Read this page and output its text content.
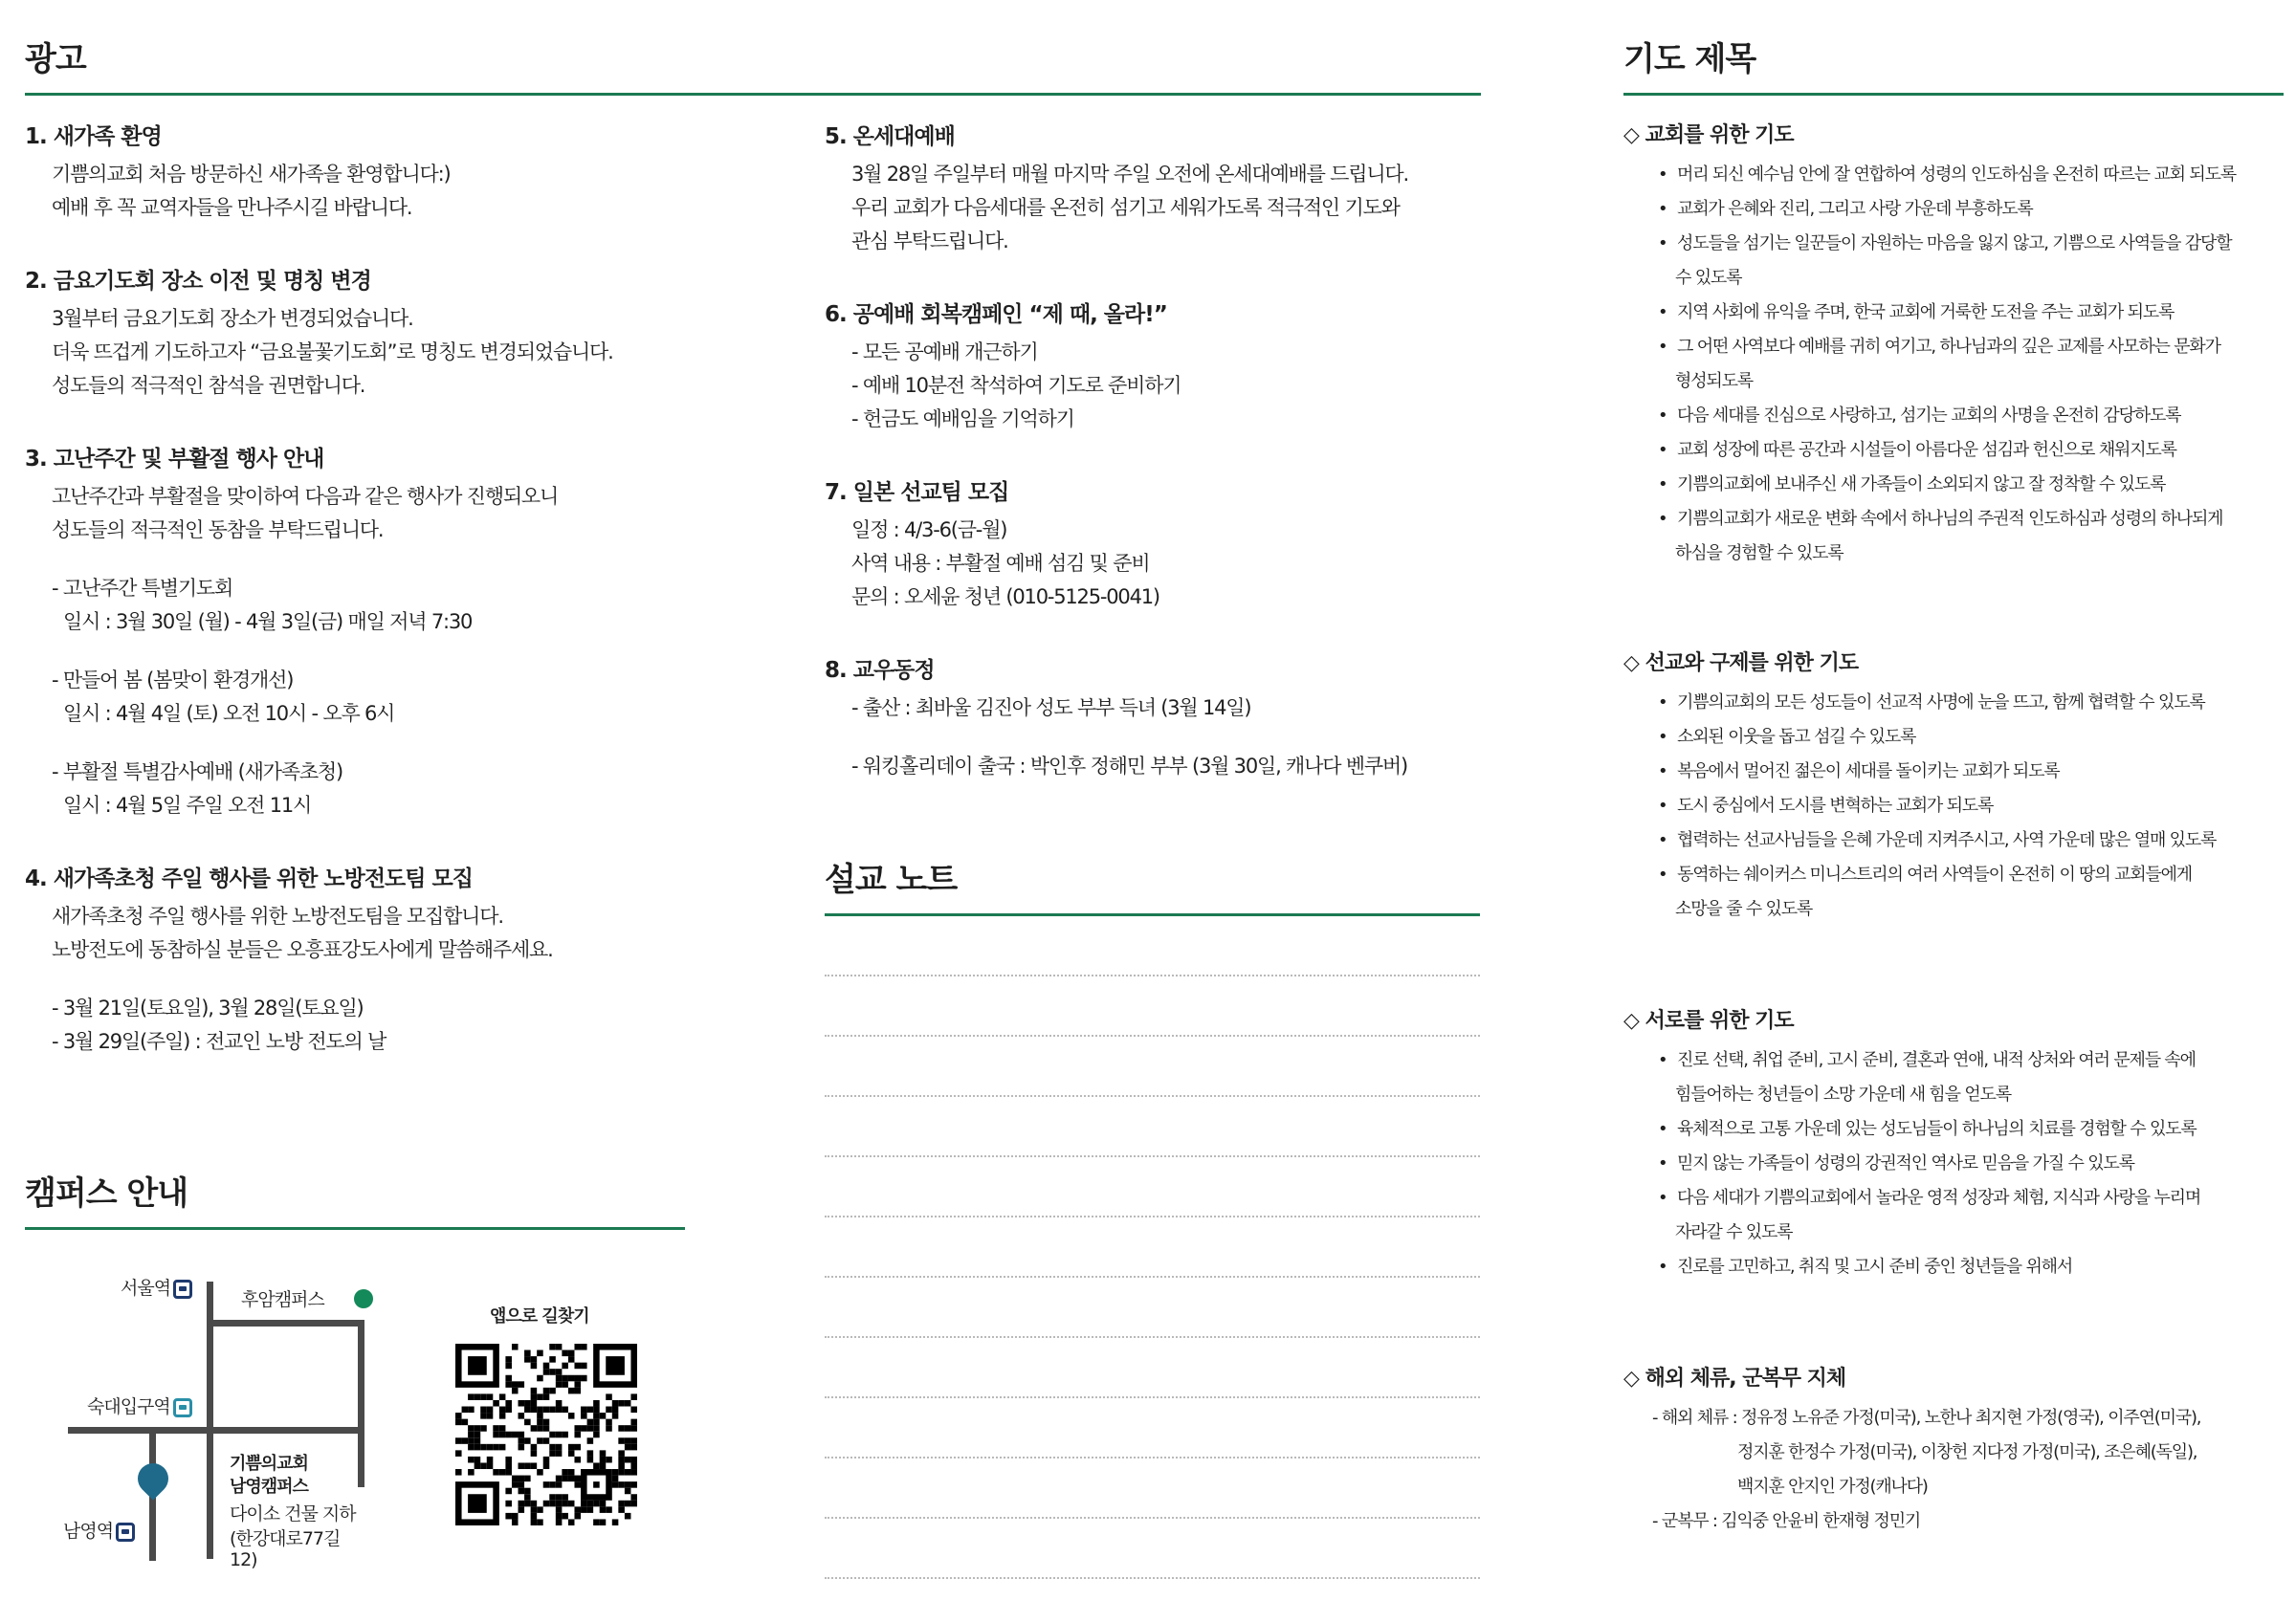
광고
1. 새가족 환영
기쁨의교회 처음 방문하신 새가족을 환영합니다:)
예배 후 꼭 교역자들을 만나주시길 바랍니다.
2. 금요기도회 장소 이전 및 명칭 변경
3월부터 금요기도회 장소가 변경되었습니다.
더욱 뜨겁게 기도하고자 “금요불꽃기도회”로 명칭도 변경되었습니다.
성도들의 적극적인 참석을 권면합니다.
3. 고난주간 및 부활절 행사 안내
고난주간과 부활절을 맞이하여 다음과 같은 행사가 진행되오니
성도들의 적극적인 동참을 부탁드립니다.
- 고난주간 특별기도회
일시 : 3월 30일 (월) - 4월 3일(금) 매일 저녁 7:30
- 만들어 봄 (봄맞이 환경개선)
일시 : 4월 4일 (토) 오전 10시 - 오후 6시
- 부활절 특별감사예배 (새가족초청)
일시 : 4월 5일 주일 오전 11시
4. 새가족초청 주일 행사를 위한 노방전도팀 모집
새가족초청 주일 행사를 위한 노방전도팀을 모집합니다.
노방전도에 동참하실 분들은 오흥표강도사에게 말씀해주세요.
- 3월 21일(토요일), 3월 28일(토요일)
- 3월 29일(주일) : 전교인 노방 전도의 날
캠퍼스 안내
서울역
후암캠퍼스
숙대입구역
기쁨의교회
남영캠퍼스
다이소 건물 지하
(한강대로77길
12)
남영역
앱으로 길찾기
5. 온세대예배
3월 28일 주일부터 매월 마지막 주일 오전에 온세대예배를 드립니다.
우리 교회가 다음세대를 온전히 섬기고 세워가도록 적극적인 기도와
관심 부탁드립니다.
6. 공예배 회복캠페인 “제 때, 올라!”
- 모든 공예배 개근하기
- 예배 10분전 착석하여 기도로 준비하기
- 헌금도 예배임을 기억하기
7. 일본 선교팀 모집
일정 : 4/3-6(금-월)
사역 내용 : 부활절 예배 섬김 및 준비
문의 : 오세윤 청년 (010-5125-0041)
8. 교우동정
- 출산 : 최바울 김진아 성도 부부 득녀 (3월 14일)
- 워킹홀리데이 출국 : 박인후 정해민 부부 (3월 30일, 캐나다 벤쿠버)
설교 노트
기도 제목
◇ 교회를 위한 기도
• 머리 되신 예수님 안에 잘 연합하여 성령의 인도하심을 온전히 따르는 교회 되도록
• 교회가 은혜와 진리, 그리고 사랑 가운데 부흥하도록
• 성도들을 섬기는 일꾼들이 자원하는 마음을 잃지 않고, 기쁨으로 사역들을 감당할
수 있도록
• 지역 사회에 유익을 주며, 한국 교회에 거룩한 도전을 주는 교회가 되도록
• 그 어떤 사역보다 예배를 귀히 여기고, 하나님과의 깊은 교제를 사모하는 문화가
형성되도록
• 다음 세대를 진심으로 사랑하고, 섬기는 교회의 사명을 온전히 감당하도록
• 교회 성장에 따른 공간과 시설들이 아름다운 섬김과 헌신으로 채워지도록
• 기쁨의교회에 보내주신 새 가족들이 소외되지 않고 잘 정착할 수 있도록
• 기쁨의교회가 새로운 변화 속에서 하나님의 주권적 인도하심과 성령의 하나되게
하심을 경험할 수 있도록
◇ 선교와 구제를 위한 기도
• 기쁨의교회의 모든 성도들이 선교적 사명에 눈을 뜨고, 함께 협력할 수 있도록
• 소외된 이웃을 돕고 섬길 수 있도록
• 복음에서 멀어진 젊은이 세대를 돌이키는 교회가 되도록
• 도시 중심에서 도시를 변혁하는 교회가 되도록
• 협력하는 선교사님들을 은혜 가운데 지켜주시고, 사역 가운데 많은 열매 있도록
• 동역하는 쉐이커스 미니스트리의 여러 사역들이 온전히 이 땅의 교회들에게
소망을 줄 수 있도록
◇ 서로를 위한 기도
• 진로 선택, 취업 준비, 고시 준비, 결혼과 연애, 내적 상처와 여러 문제들 속에
힘들어하는 청년들이 소망 가운데 새 힘을 얻도록
• 육체적으로 고통 가운데 있는 성도님들이 하나님의 치료를 경험할 수 있도록
• 믿지 않는 가족들이 성령의 강권적인 역사로 믿음을 가질 수 있도록
• 다음 세대가 기쁨의교회에서 놀라운 영적 성장과 체험, 지식과 사랑을 누리며
자라갈 수 있도록
• 진로를 고민하고, 취직 및 고시 준비 중인 청년들을 위해서
◇ 해외 체류, 군복무 지체
- 해외 체류 : 정유정 노유준 가정(미국), 노한나 최지현 가정(영국), 이주연(미국),
정지훈 한정수 가정(미국), 이창헌 지다정 가정(미국), 조은혜(독일),
백지훈 안지인 가정(캐나다)
- 군복무 : 김익중 안윤비 한재형 정민기
